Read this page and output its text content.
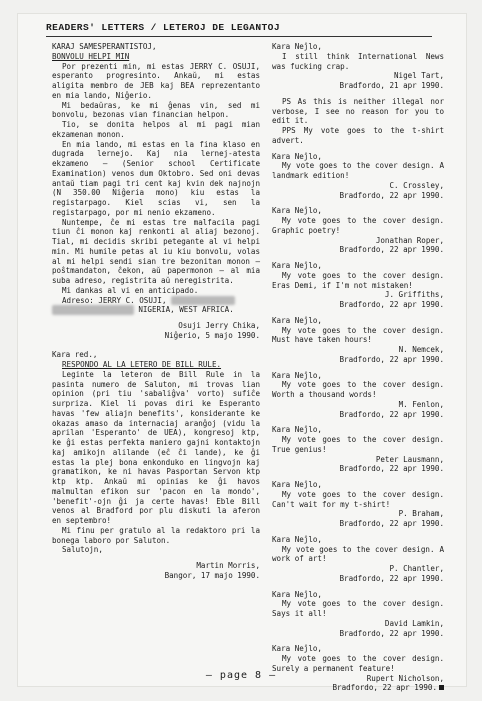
READERS' LETTERS / LETEROJ DE LEGANTOJ

KARAJ SAMESPERANTISTOJ,

BONVOLU HELPI MIN

Por prezenti min, mi estas JERRY C. OSUJI, esperanto progresinto. Ankaŭ, mi estas aligita membro de JEB kaj BEA reprezentanto en mia lando, Niĝerio.

Mi bedaŭras, ke mi ĝenas vin, sed mi bonvolu, bezonas vian financian helpon.

Tio, se donita helpos al mi pagi mian ekzamenan monon.

En mia lando, mi estas en la fina klaso en dugrada lernejo. Kaj nia lernej-atesta ekzameno — (Senior school Certificate Examination) venos dum Oktobro. Sed oni devas antaŭ tiam pagi tri cent kaj kvin dek najnojn (N 350.00 Niĝeria mono) kiu estas la registarpago. Kiel scias vi, sen la registarpago, por mi nenio ekzameno.

Nuntempe, ĉe mi estas tre malfacila pagi tiun ĉi monon kaj renkonti al aliaj bezonoj. Tial, mi decidis skribi petegante al vi helpi min. Mi humile petas al iu kiu bonvolu, volas al mi helpi sendi sian tre bezonitan monon — poŝtmandaton, ĉekon, aŭ papermonon — al mia suba adreso, registrita aŭ neregistrita.

Mi dankas al vi en anticipado.

Adreso: JERRY C. OSUJI, P.O. BOX 2023,

OWERRI, IMO STATE, NIGERIA, WEST AFRICA.

Osuji Jerry Chika,

Niĝerio, 5 majo 1990.

Kara red.,

RESPONDO AL LA LETERO DE BILL RULE.

Leginte la leteron de Bill Rule in la pasinta numero de Saluton, mi trovas lian opinion (pri tiu 'sabaliĝva' vorto) sufiĉe surpriza. Kiel li povas diri ke Esperanto havas 'few aliajn benefits', konsiderante ke okazas amaso da internaciaj aranĝoj (vidu la aprilan 'Esperanto' de UEA), kongresoj ktp, ke ĝi estas perfekta maniero gajni kontaktojn kaj amikojn alilande (eĉ ĉi lande), ke ĝi estas la plej bona enkonduko en lingvojn kaj gramatikon, ke ni havas Pasportan Servon ktp ktp ktp. Ankaŭ mi opinias ke ĝi havos malmultan efikon sur 'pacon en la mondo', 'benefit'-ojn ĝi ja certe havas! Eble Bill venos al Bradford por plu diskuti la aferon en septembro!

Mi finu per gratulo al la redaktoro pri la bonega laboro por Saluton.

Salutojn,

Martin Morris,

Bangor, 17 majo 1990.

Kara Neĵlo,

I still think International News was fucking crap.

Nigel Tart,

Bradfordo, 21 apr 1990.

PS As this is neither illegal nor verbose, I see no reason for you to edit it.

PPS My vote goes to the t-shirt advert.

Kara Neĵlo,

My vote goes to the cover design. A landmark edition!

C. Crossley,

Bradfordo, 22 apr 1990.

Kara Neĵlo,

My vote goes to the cover design. Graphic poetry!

Jonathan Roper,

Bradfordo, 22 apr 1990.

Kara Neĵlo,

My vote goes to the cover design. Eras Demi, if I'm not mistaken!

J. Griffiths,

Bradfordo, 22 apr 1990.

Kara Neĵlo,

My vote goes to the cover design. Must have taken hours!

N. Nemcek,

Bradfordo, 22 apr 1990.

Kara Neĵlo,

My vote goes to the cover design. Worth a thousand words!

M. Fenlon,

Bradfordo, 22 apr 1990.

Kara Neĵlo,

My vote goes to the cover design. True genius!

Peter Lausmann,

Bradfordo, 22 apr 1990.

Kara Neĵlo,

My vote goes to the cover design. Can't wait for my t-shirt!

P. Braham,

Bradfordo, 22 apr 1990.

Kara Neĵlo,

My vote goes to the cover design. A work of art!

P. Chantler,

Bradfordo, 22 apr 1990.

Kara Neĵlo,

My vote goes to the cover design. Says it all!

David Lamkin,

Bradfordo, 22 apr 1990.

Kara Neĵlo,

My vote goes to the cover design. Surely a permanent feature!

Rupert Nicholson,

Bradfordo, 22 apr 1990.

— page 8 —
